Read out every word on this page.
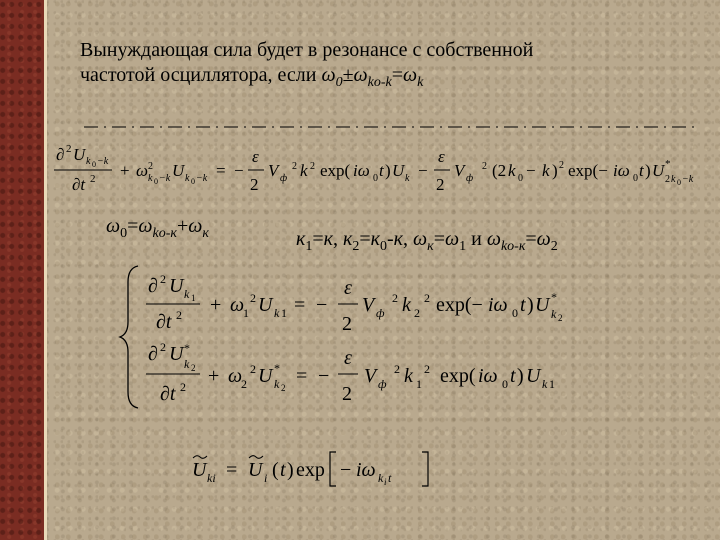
Вынуждающая сила будет в резонансе с собственной
частотой осциллятора, если $\omega_0\pm\omega_{ko-k}=\omega_k$
∂ 2 U k 0 −k
∂t 2 + ω 2
k 0 −k U k 0 −k = −
ε
2
V ф
2 k 2 exp( iω 0 t ) U k −
ε
2
V ф
2 (2 k 0 − k ) 2 exp(− iω 0 t ) U *
2 k 0 −k
$\omega_0=\omega_{ko-к}+\omega_к$	$к_1=к$, $к_2=к_0-к$, $\omega_к=\omega_1$ и $\omega_{ko-к}=\omega_2$
∂ 2 U k 1
∂t 2 + ω
1
2 U k 1 = −
ε
2
V ф
2 k 2
2 exp(− iω 0 t ) U *
k 2
∂ 2 U *
k 2
∂t 2 + ω
2
2 U *
k 2
= −
ε
2
V ф
2 k 1
2 exp( iω 0 t ) U k 1
U ki = U i ( t ) exp − iω k i t
